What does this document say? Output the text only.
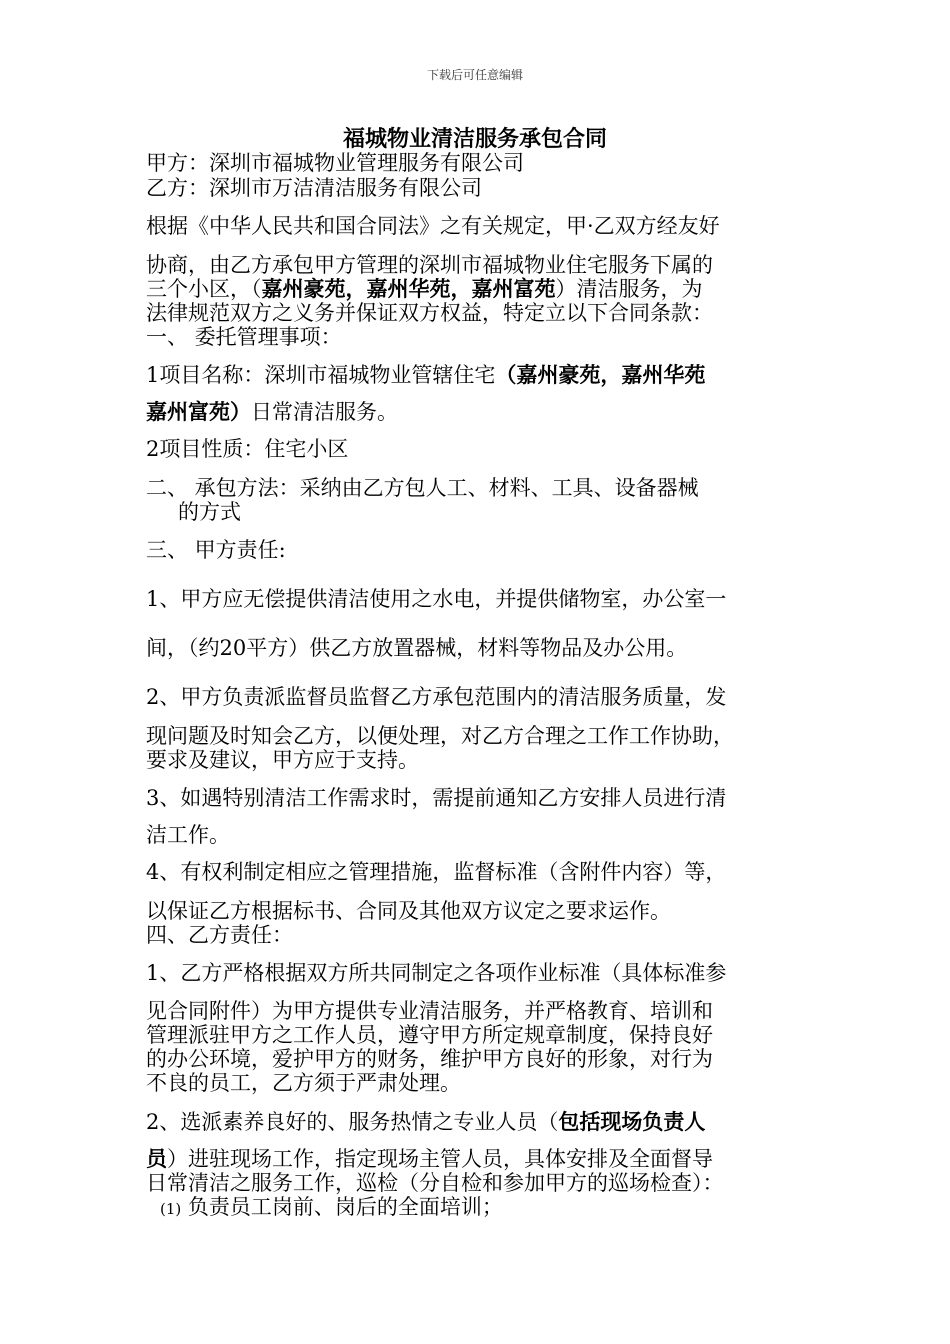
下载后可任意编辑
福城物业清洁服务承包合同
甲方：深圳市福城物业管理服务有限公司
乙方：深圳市万洁清洁服务有限公司
根据《中华人民共和国合同法》之有关规定，甲·乙双方经友好
协商，由乙方承包甲方管理的深圳市福城物业住宅服务下属的
三个小区，（嘉州豪苑，嘉州华苑，嘉州富苑）清洁服务，为
法律规范双方之义务并保证双方权益，特定立以下合同条款：
一、 委托管理事项：
1项目名称：深圳市福城物业管辖住宅（嘉州豪苑，嘉州华苑
嘉州富苑）日常清洁服务。
2项目性质：住宅小区
二、 承包方法：采纳由乙方包人工、材料、工具、设备器械
的方式
三、 甲方责任:
1、甲方应无偿提供清洁使用之水电，并提供储物室，办公室一
间，（约20平方）供乙方放置器械，材料等物品及办公用。
2、甲方负责派监督员监督乙方承包范围内的清洁服务质量，发
现问题及时知会乙方，以便处理，对乙方合理之工作工作协助，
要求及建议，甲方应于支持。
3、如遇特别清洁工作需求时，需提前通知乙方安排人员进行清
洁工作。
4、有权利制定相应之管理措施，监督标准（含附件内容）等，
以保证乙方根据标书、合同及其他双方议定之要求运作。
四、乙方责任：
1、乙方严格根据双方所共同制定之各项作业标准（具体标准参
见合同附件）为甲方提供专业清洁服务，并严格教育、培训和
管理派驻甲方之工作人员，遵守甲方所定规章制度，保持良好
的办公环境，爱护甲方的财务，维护甲方良好的形象，对行为
不良的员工，乙方须于严肃处理。
2、选派素养良好的、服务热情之专业人员（包括现场负责人
员）进驻现场工作，指定现场主管人员，具体安排及全面督导
日常清洁之服务工作，巡检（分自检和参加甲方的巡场检查）：
(1) 负责员工岗前、岗后的全面培训；
